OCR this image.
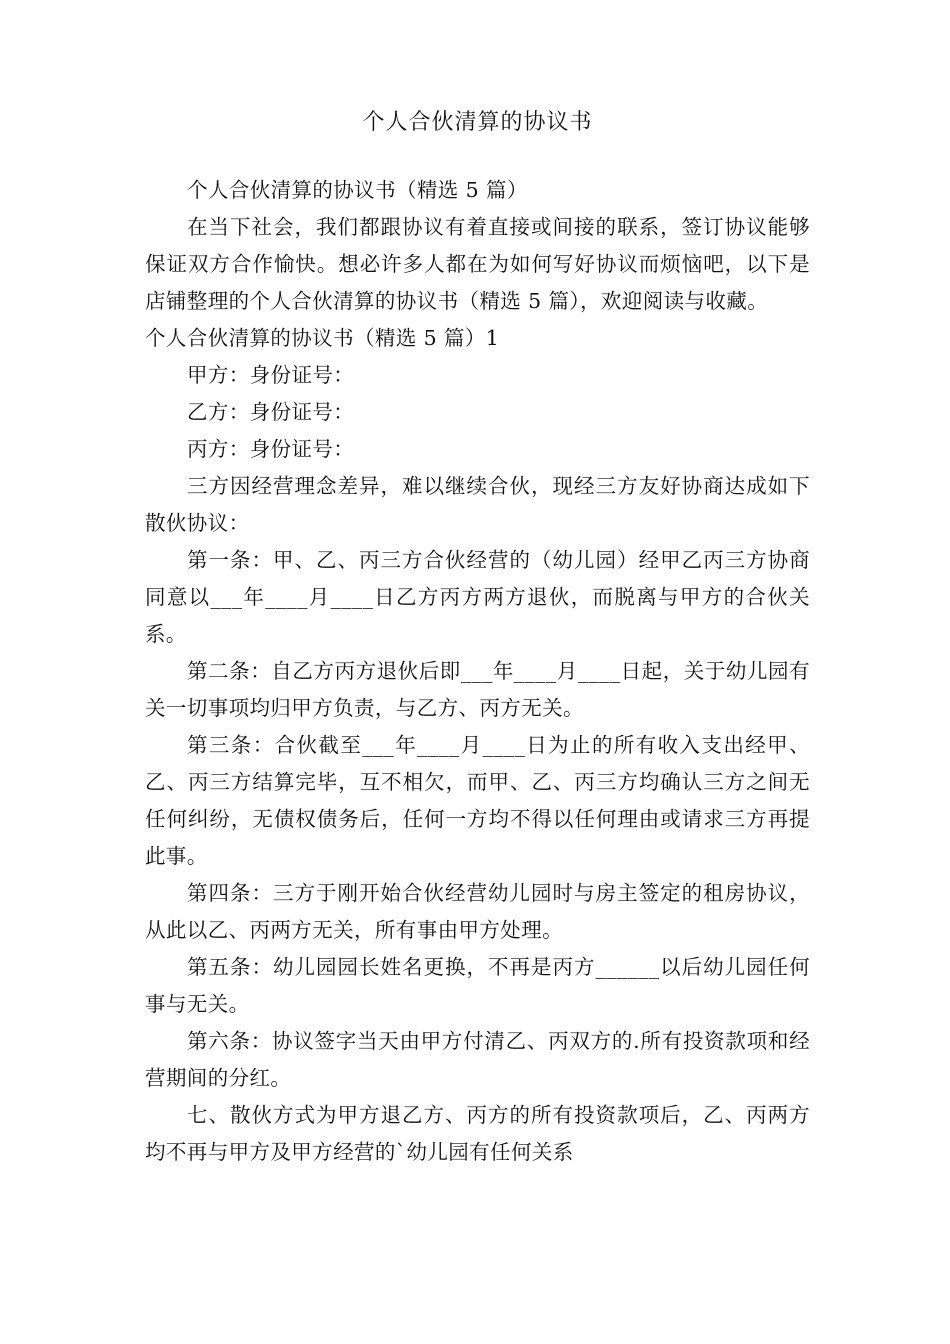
个人合伙清算的协议书

个人合伙清算的协议书（精选 5 篇）

在当下社会，我们都跟协议有着直接或间接的联系，签订协议能够保证双方合作愉快。想必许多人都在为如何写好协议而烦恼吧，以下是店铺整理的个人合伙清算的协议书（精选 5 篇），欢迎阅读与收藏。

个人合伙清算的协议书（精选 5 篇）1

甲方：身份证号：

乙方：身份证号：

丙方：身份证号：

三方因经营理念差异，难以继续合伙，现经三方友好协商达成如下散伙协议：

第一条：甲、乙、丙三方合伙经营的（幼儿园）经甲乙丙三方协商同意以___年____月____日乙方丙方两方退伙，而脱离与甲方的合伙关系。

第二条：自乙方丙方退伙后即___年____月____日起，关于幼儿园有关一切事项均归甲方负责，与乙方、丙方无关。

第三条：合伙截至___年____月____日为止的所有收入支出经甲、乙、丙三方结算完毕，互不相欠，而甲、乙、丙三方均确认三方之间无任何纠纷，无债权债务后，任何一方均不得以任何理由或请求三方再提此事。

第四条：三方于刚开始合伙经营幼儿园时与房主签定的租房协议，从此以乙、丙两方无关，所有事由甲方处理。

第五条：幼儿园园长姓名更换，不再是丙方______以后幼儿园任何事与无关。

第六条：协议签字当天由甲方付清乙、丙双方的.所有投资款项和经营期间的分红。

七、散伙方式为甲方退乙方、丙方的所有投资款项后，乙、丙两方均不再与甲方及甲方经营的`幼儿园有任何关系
